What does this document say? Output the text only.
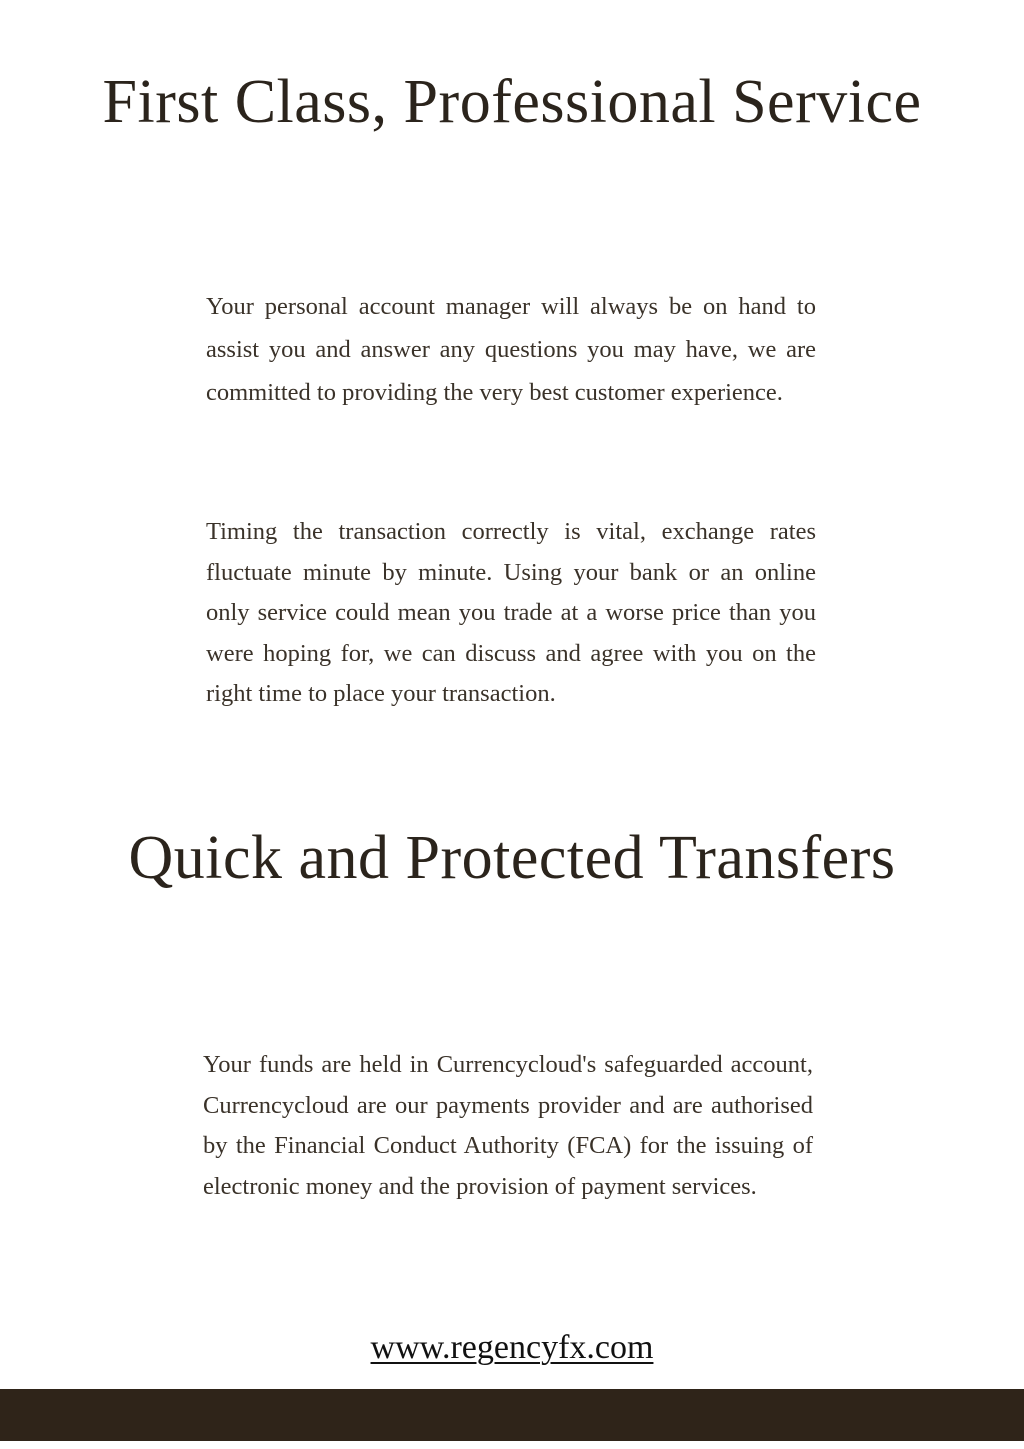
First Class, Professional Service

Your personal account manager will always be on hand to assist you and answer any questions you may have, we are committed to providing the very best customer experience.

Timing the transaction correctly is vital, exchange rates fluctuate minute by minute. Using your bank or an online only service could mean you trade at a worse price than you were hoping for, we can discuss and agree with you on the right time to place your transaction.

Quick and Protected Transfers

Your funds are held in Currencycloud's safeguarded account, Currencycloud are our payments provider and are authorised by the Financial Conduct Authority (FCA) for the issuing of electronic money and the provision of payment services.

www.regencyfx.com
